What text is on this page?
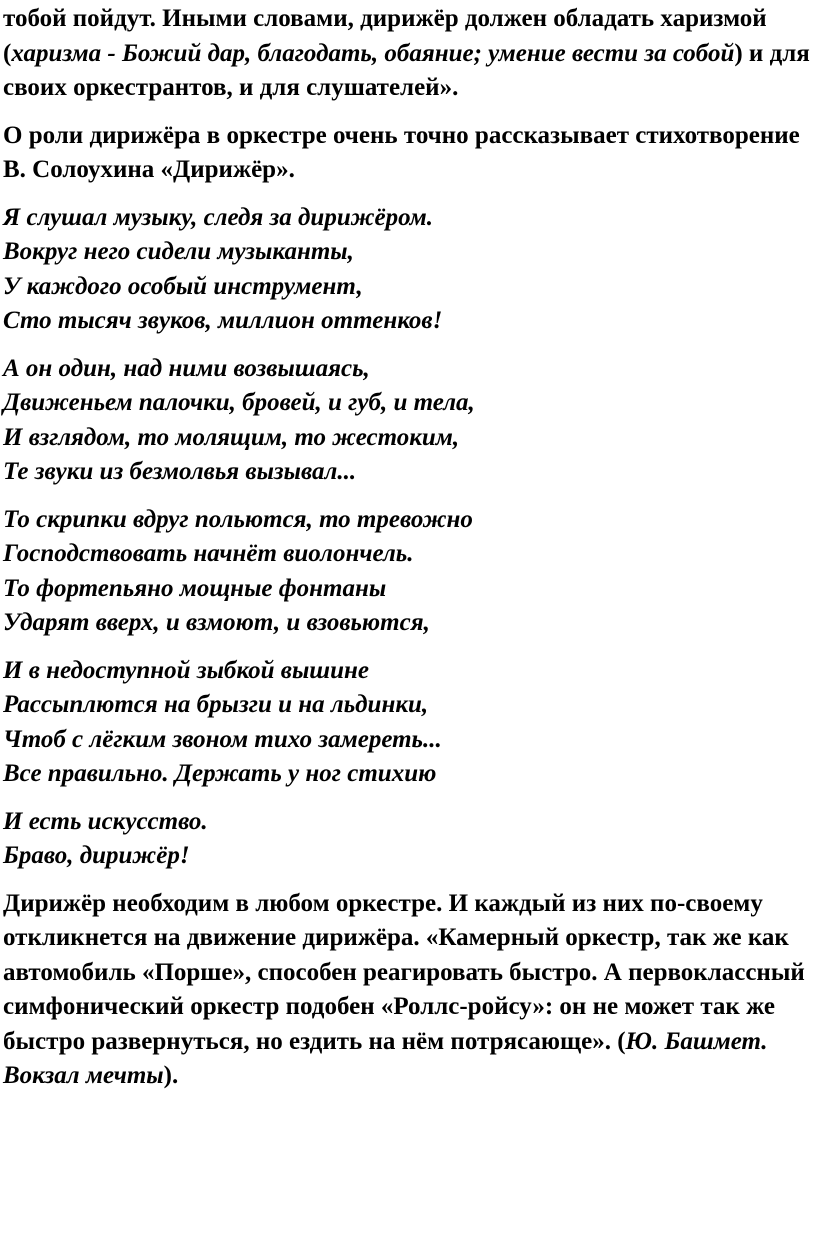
тобой пойдут. Иными словами, дирижёр должен обладать харизмой (харизма - Божий дар, благодать, обаяние; умение вести за собой) и для своих оркестрантов, и для слушателей».

О роли дирижёра в оркестре очень точно рассказывает стихотворение В. Солоухина «Дирижёр».

Я слушал музыку, следя за дирижёром.
Вокруг него сидели музыканты,
У каждого особый инструмент,
Сто тысяч звуков, миллион оттенков!

А он один, над ними возвышаясь,
Движеньем палочки, бровей, и губ, и тела,
И взглядом, то молящим, то жестоким,
Те звуки из безмолвья вызывал...

То скрипки вдруг польются, то тревожно
Господствовать начнёт виолончель.
То фортепьяно мощные фонтаны
Ударят вверх, и взмоют, и взовьются,

И в недоступной зыбкой вышине
Рассыплются на брызги и на льдинки,
Чтоб с лёгким звоном тихо замереть...
Все правильно. Держать у ног стихию

И есть искусство.
Браво, дирижёр!

Дирижёр необходим в любом оркестре. И каждый из них по-своему откликнется на движение дирижёра. «Камерный оркестр, так же как автомобиль «Порше», способен реагировать быстро. А первоклассный симфонический оркестр подобен «Роллс-ройсу»: он не может так же быстро развернуться, но ездить на нём потрясающе». (Ю. Башмет. Вокзал мечты).
